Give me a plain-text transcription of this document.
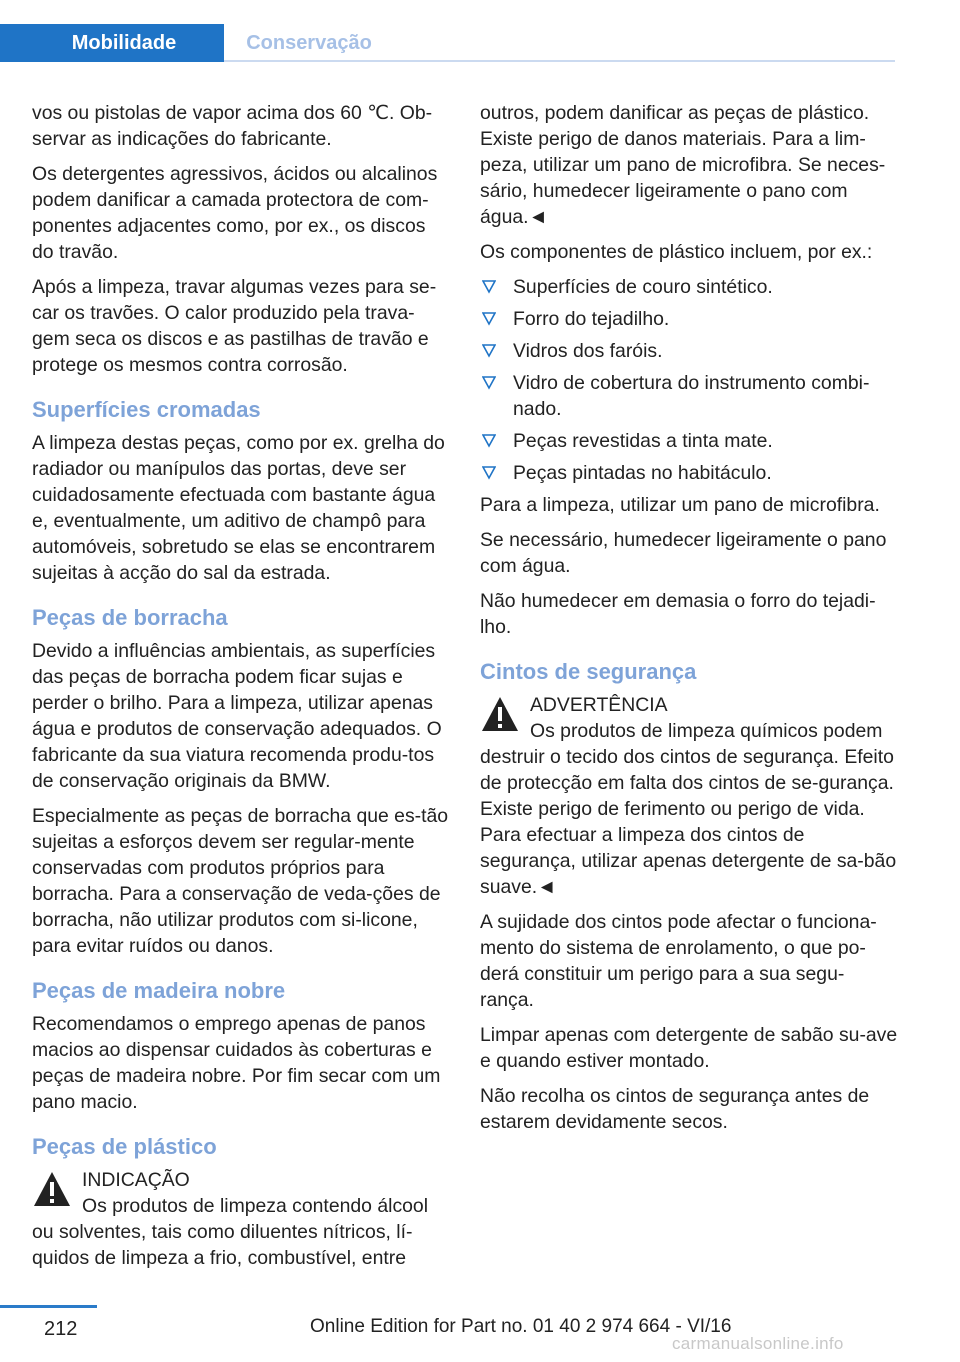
Mobilidade	Conservação

vos ou pistolas de vapor acima dos 60 ℃. Ob‐servar as indicações do fabricante.

Os detergentes agressivos, ácidos ou alcalinos podem danificar a camada protectora de com‐ponentes adjacentes como, por ex., os discos do travão.

Após a limpeza, travar algumas vezes para se‐car os travões. O calor produzido pela trava‐gem seca os discos e as pastilhas de travão e protege os mesmos contra corrosão.

Superfícies cromadas

A limpeza destas peças, como por ex. grelha do radiador ou manípulos das portas, deve ser cuidadosamente efectuada com bastante água e, eventualmente, um aditivo de champô para automóveis, sobretudo se elas se encontrarem sujeitas à acção do sal da estrada.

Peças de borracha

Devido a influências ambientais, as superfícies das peças de borracha podem ficar sujas e perder o brilho. Para a limpeza, utilizar apenas água e produtos de conservação adequados. O fabricante da sua viatura recomenda produ‐tos de conservação originais da BMW.

Especialmente as peças de borracha que es‐tão sujeitas a esforços devem ser regular‐mente conservadas com produtos próprios para borracha. Para a conservação de veda‐ções de borracha, não utilizar produtos com si‐licone, para evitar ruídos ou danos.

Peças de madeira nobre

Recomendamos o emprego apenas de panos macios ao dispensar cuidados às coberturas e peças de madeira nobre. Por fim secar com um pano macio.

Peças de plástico
INDICAÇÃO
Os produtos de limpeza contendo álcool ou solventes, tais como diluentes nítricos, lí‐quidos de limpeza a frio, combustível, entre

outros, podem danificar as peças de plástico. Existe perigo de danos materiais. Para a lim‐peza, utilizar um pano de microfibra. Se neces‐sário, humedecer ligeiramente o pano com água.◄

Os componentes de plástico incluem, por ex.:

Superfícies de couro sintético.
Forro do tejadilho.
Vidros dos faróis.
Vidro de cobertura do instrumento combi‐nado.
Peças revestidas a tinta mate.
Peças pintadas no habitáculo.

Para a limpeza, utilizar um pano de microfibra.

Se necessário, humedecer ligeiramente o pano com água.

Não humedecer em demasia o forro do tejadi‐lho.

Cintos de segurança
ADVERTÊNCIA
Os produtos de limpeza químicos podem destruir o tecido dos cintos de segurança. Efeito de protecção em falta dos cintos de se‐gurança. Existe perigo de ferimento ou perigo de vida. Para efectuar a limpeza dos cintos de segurança, utilizar apenas detergente de sa‐bão suave.◄

A sujidade dos cintos pode afectar o funciona‐mento do sistema de enrolamento, o que po‐derá constituir um perigo para a sua segu‐rança.

Limpar apenas com detergente de sabão su‐ave e quando estiver montado.

Não recolha os cintos de segurança antes de estarem devidamente secos.

212	Online Edition for Part no. 01 40 2 974 664 - VI/16
carmanualsonline.info
